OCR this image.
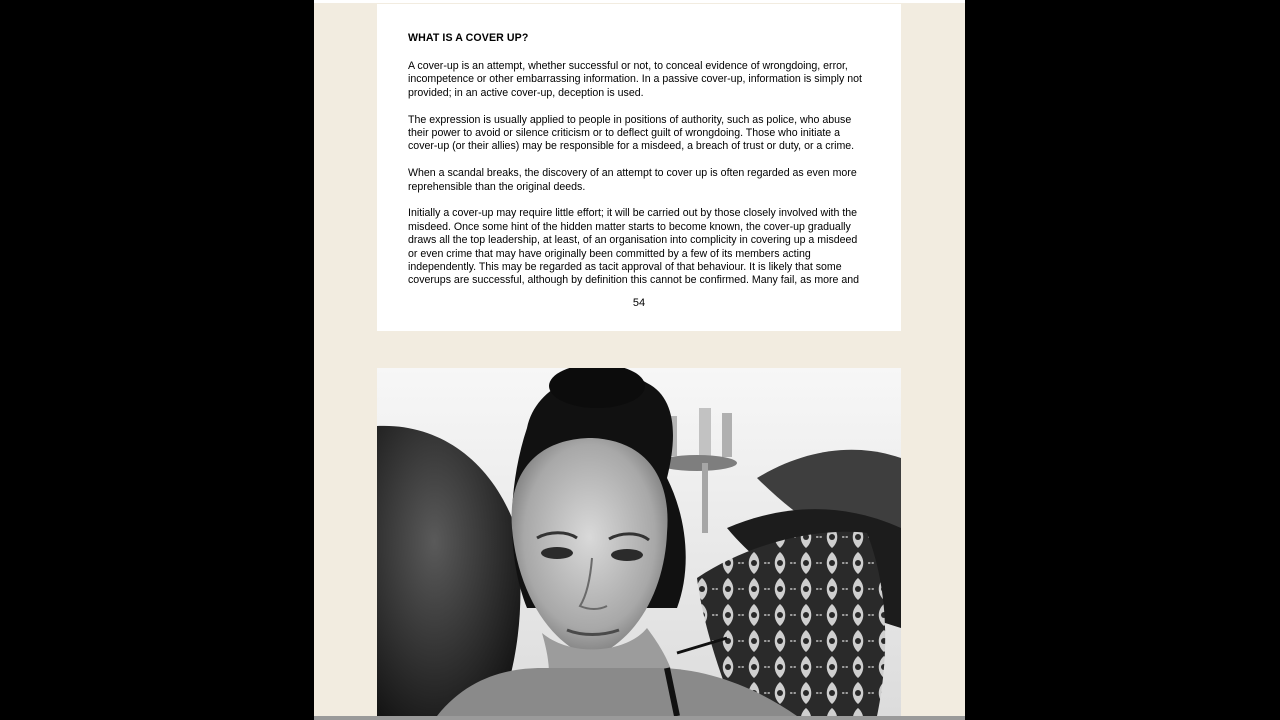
WHAT IS A COVER UP?

A cover-up is an attempt, whether successful or not, to conceal evidence of wrongdoing, error, incompetence or other embarrassing information. In a passive cover-up, information is simply not provided; in an active cover-up, deception is used.

The expression is usually applied to people in positions of authority, such as police, who abuse their power to avoid or silence criticism or to deflect guilt of wrongdoing. Those who initiate a cover-up (or their allies) may be responsible for a misdeed, a breach of trust or duty, or a crime.

When a scandal breaks, the discovery of an attempt to cover up is often regarded as even more reprehensible than the original deeds.

Initially a cover-up may require little effort; it will be carried out by those closely involved with the misdeed. Once some hint of the hidden matter starts to become known, the cover-up gradually draws all the top leadership, at least, of an organisation into complicity in covering up a misdeed or even crime that may have originally been committed by a few of its members acting independently. This may be regarded as tacit approval of that behaviour. It is likely that some coverups are successful, although by definition this cannot be confirmed. Many fail, as more and

54
